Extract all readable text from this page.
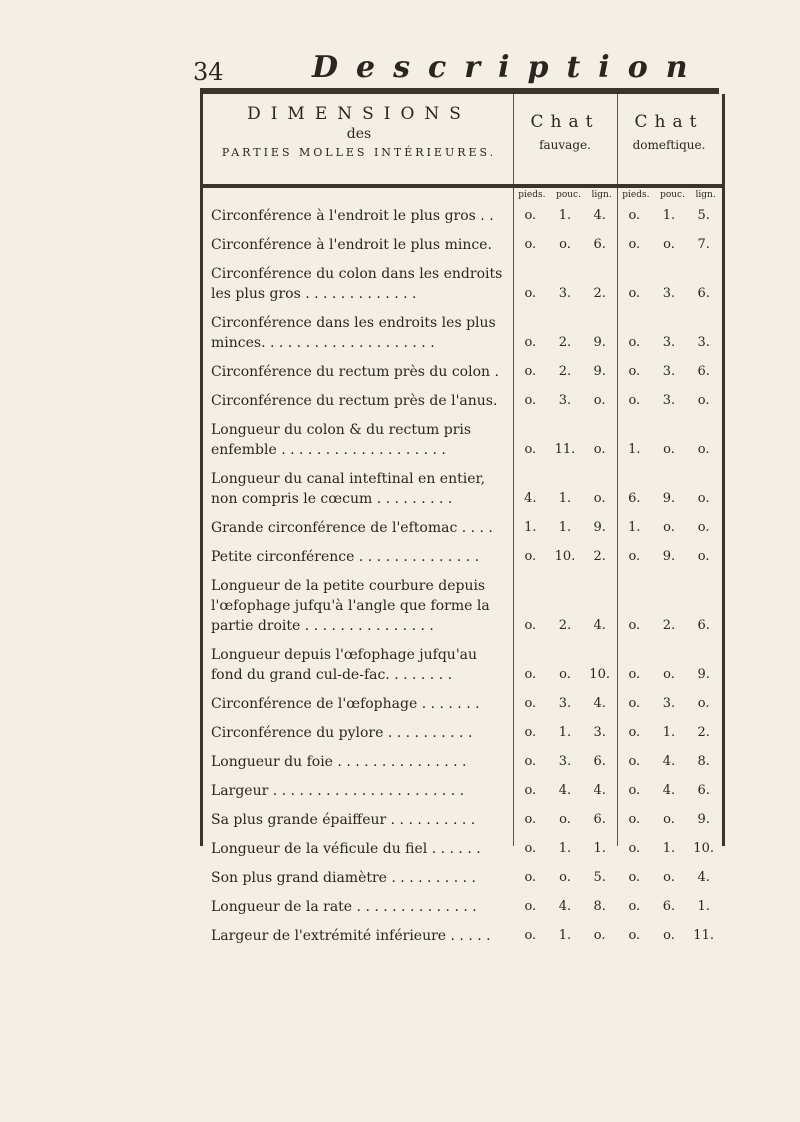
34	Description
DIMENSIONS
des
PARTIES MOLLES INTÉRIEURES.
Chat
fauvage.
Chat
domeftique.
pieds. pouc. lign. pieds. pouc. lign.
Circonférence à l'endroit le plus gros . .	o.	1.	4.	o.	1.	5.
Circonférence à l'endroit le plus mince.	o.	o.	6.	o.	o.	7.
Circonférence du colon dans les endroits les plus gros . . . . . . . . . . . . .	o.	3.	2.	o.	3.	6.
Circonférence dans les endroits les plus minces. . . . . . . . . . . . . . . . . . . .	o.	2.	9.	o.	3.	3.
Circonférence du rectum près du colon .	o.	2.	9.	o.	3.	6.
Circonférence du rectum près de l'anus.	o.	3.	o.	o.	3.	o.
Longueur du colon & du rectum pris enfemble . . . . . . . . . . . . . . . . . . .	o.	11.	o.	1.	o.	o.
Longueur du canal inteftinal en entier, non compris le cœcum . . . . . . . . .	4.	1.	o.	6.	9.	o.
Grande circonférence de l'eftomac . . . .	1.	1.	9.	1.	o.	o.
Petite circonférence . . . . . . . . . . . . . .	o.	10.	2.	o.	9.	o.
Longueur de la petite courbure depuis l'œfophage jufqu'à l'angle que forme la partie droite . . . . . . . . . . . . . . .	o.	2.	4.	o.	2.	6.
Longueur depuis l'œfophage jufqu'au fond du grand cul-de-fac. . . . . . . .	o.	o.	10.	o.	o.	9.
Circonférence de l'œfophage . . . . . . .	o.	3.	4.	o.	3.	o.
Circonférence du pylore . . . . . . . . . .	o.	1.	3.	o.	1.	2.
Longueur du foie . . . . . . . . . . . . . . .	o.	3.	6.	o.	4.	8.
Largeur . . . . . . . . . . . . . . . . . . . . . .	o.	4.	4.	o.	4.	6.
Sa plus grande épaiffeur . . . . . . . . . .	o.	o.	6.	o.	o.	9.
Longueur de la véficule du fiel . . . . . .	o.	1.	1.	o.	1.	10.
Son plus grand diamètre . . . . . . . . . .	o.	o.	5.	o.	o.	4.
Longueur de la rate . . . . . . . . . . . . . .	o.	4.	8.	o.	6.	1.
Largeur de l'extrémité inférieure . . . . .	o.	1.	o.	o.	o.	11.
